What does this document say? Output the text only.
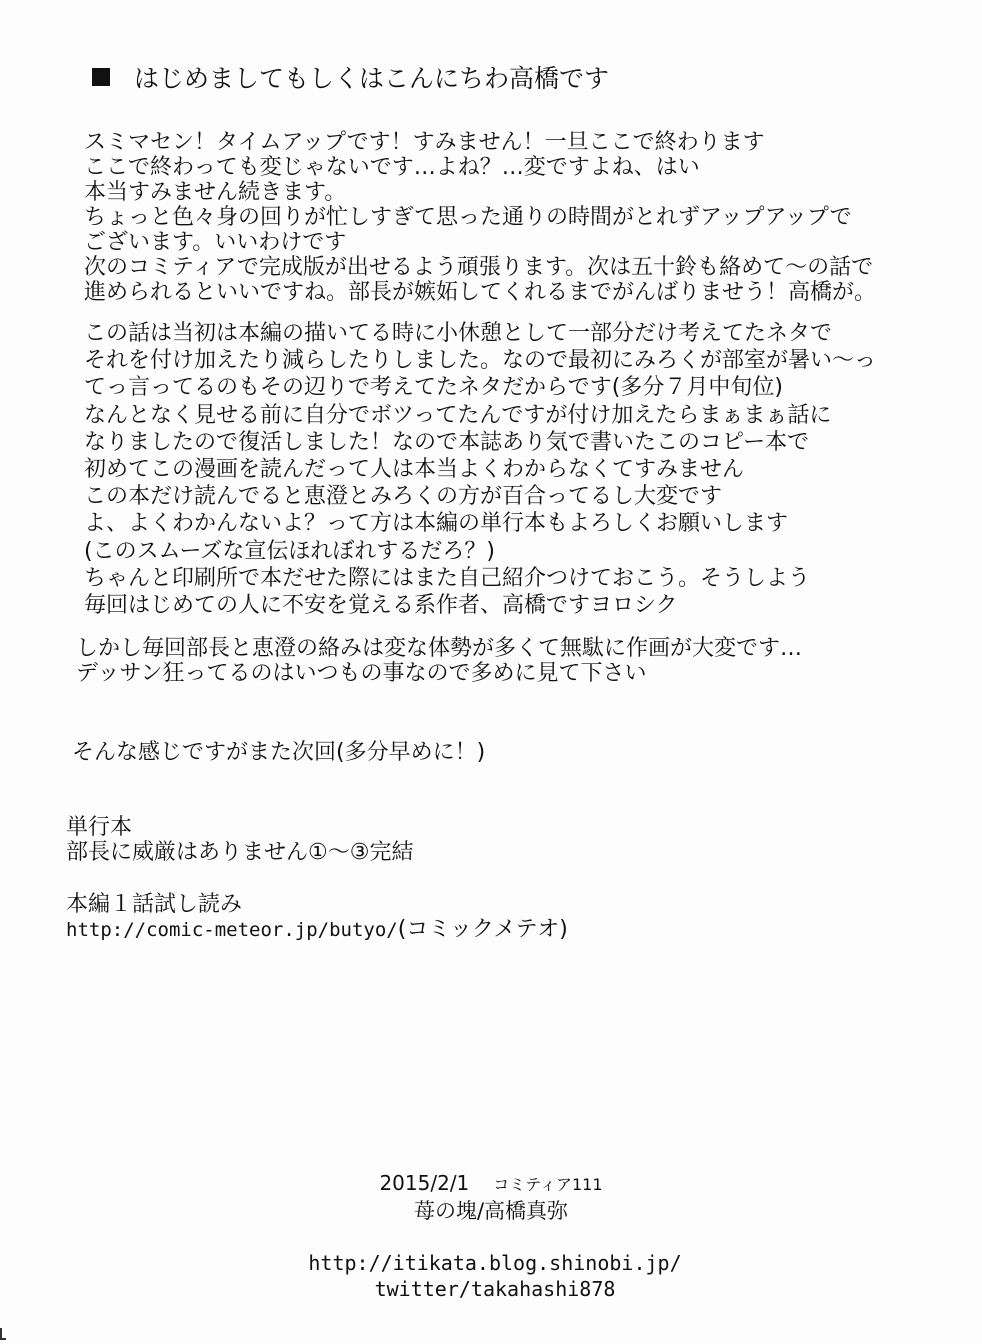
はじめましてもしくはこんにちわ高橋です
スミマセン！タイムアップです！すみません！一旦ここで終わります
ここで終わっても変じゃないです…よね？…変ですよね、はい
本当すみません続きます。
ちょっと色々身の回りが忙しすぎて思った通りの時間がとれずアップアップで
ございます。いいわけです
次のコミティアで完成版が出せるよう頑張ります。次は五十鈴も絡めて～の話で
進められるといいですね。部長が嫉妬してくれるまでがんばりませう！高橋が。
この話は当初は本編の描いてる時に小休憩として一部分だけ考えてたネタで
それを付け加えたり減らしたりしました。なので最初にみろくが部室が暑い～っ
てっ言ってるのもその辺りで考えてたネタだからです(多分７月中旬位)
なんとなく見せる前に自分でボツってたんですが付け加えたらまぁまぁ話に
なりましたので復活しました！なので本誌あり気で書いたこのコピー本で
初めてこの漫画を読んだって人は本当よくわからなくてすみません
この本だけ読んでると恵澄とみろくの方が百合ってるし大変です
よ、よくわかんないよ？って方は本編の単行本もよろしくお願いします
(このスムーズな宣伝ほれぼれするだろ？)
ちゃんと印刷所で本だせた際にはまた自己紹介つけておこう。そうしよう
毎回はじめての人に不安を覚える系作者、高橋ですヨロシク
しかし毎回部長と恵澄の絡みは変な体勢が多くて無駄に作画が大変です…
デッサン狂ってるのはいつもの事なので多めに見て下さい
そんな感じですがまた次回(多分早めに！)
単行本
部長に威厳はありません①～③完結
本編１話試し読み
http://comic-meteor.jp/butyo/(コミックメテオ)
2015/2/1 コミティア111
苺の塊/高橋真弥
http://itikata.blog.shinobi.jp/
twitter/takahashi878
